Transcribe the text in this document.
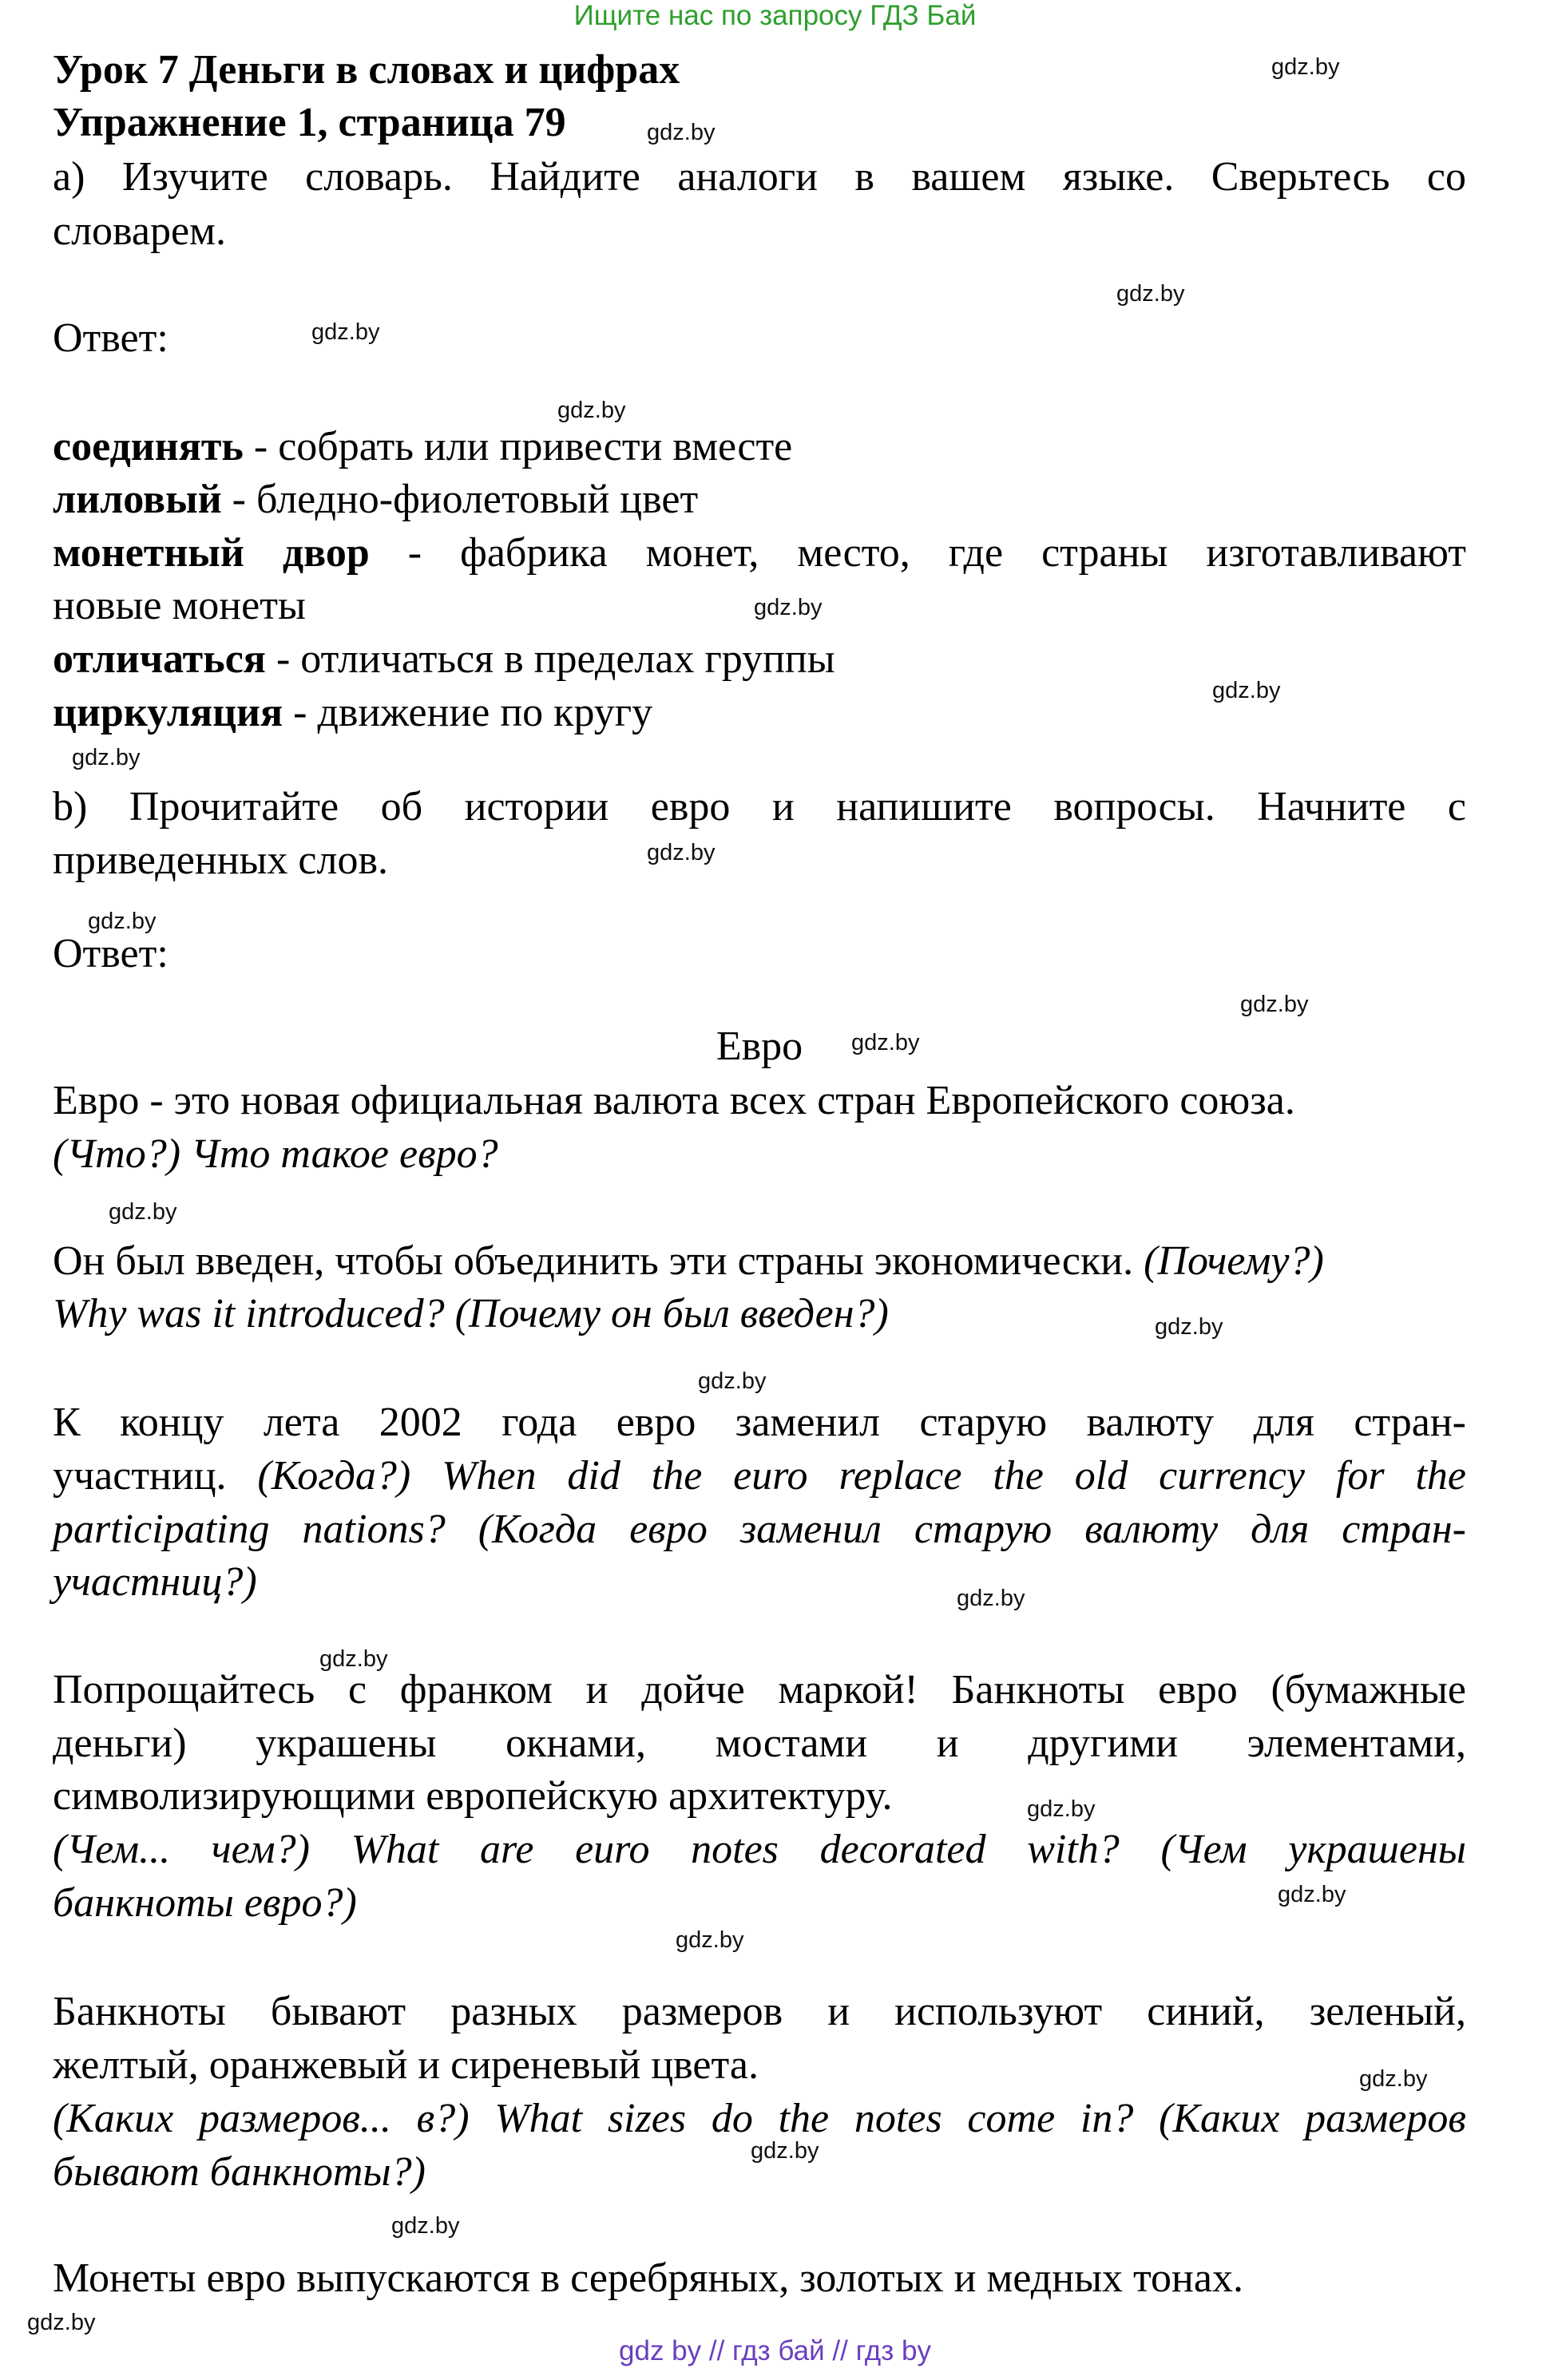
Ищите нас по запросу ГДЗ Бай
Урок 7 Деньги в словах и цифрах	gdz.by
Упражнение 1, страница 79	gdz.by
а) Изучите словарь. Найдите аналоги в вашем языке. Сверьтесь со
словарем.
gdz.by
Ответ:	gdz.by
gdz.by
соединять - собрать или привести вместе
лиловый - бледно-фиолетовый цвет
монетный двор - фабрика монет, место, где страны изготавливают
новые монеты	gdz.by
отличаться - отличаться в пределах группы
gdz.by
циркуляция - движение по кругу
gdz.by
b) Прочитайте об истории евро и напишите вопросы. Начните с
приведенных слов.	gdz.by
gdz.by
Ответ:
gdz.by
Евро	gdz.by
Евро - это новая официальная валюта всех стран Европейского союза.
(Что?) Что такое евро?
gdz.by
Он был введен, чтобы объединить эти страны экономически. (Почему?)
Why was it introduced? (Почему он был введен?)	gdz.by
gdz.by
К концу лета 2002 года евро заменил старую валюту для стран-
участниц. (Когда?) When did the euro replace the old currency for the
participating nations? (Когда евро заменил старую валюту для стран-
участниц?)	gdz.by
gdz.by
Попрощайтесь с франком и дойче маркой! Банкноты евро (бумажные
деньги) украшены окнами, мостами и другими элементами,
символизирующими европейскую архитектуру.	gdz.by
(Чем... чем?) What are euro notes decorated with? (Чем украшены
gdz.by
банкноты евро?)
gdz.by
Банкноты бывают разных размеров и используют синий, зеленый,
желтый, оранжевый и сиреневый цвета.	gdz.by
(Каких размеров... в?) What sizes do the notes come in? (Каких размеров
gdz.by
бывают банкноты?)
gdz.by
Монеты евро выпускаются в серебряных, золотых и медных тонах.
gdz.by
gdz by // гдз бай // гдз by
